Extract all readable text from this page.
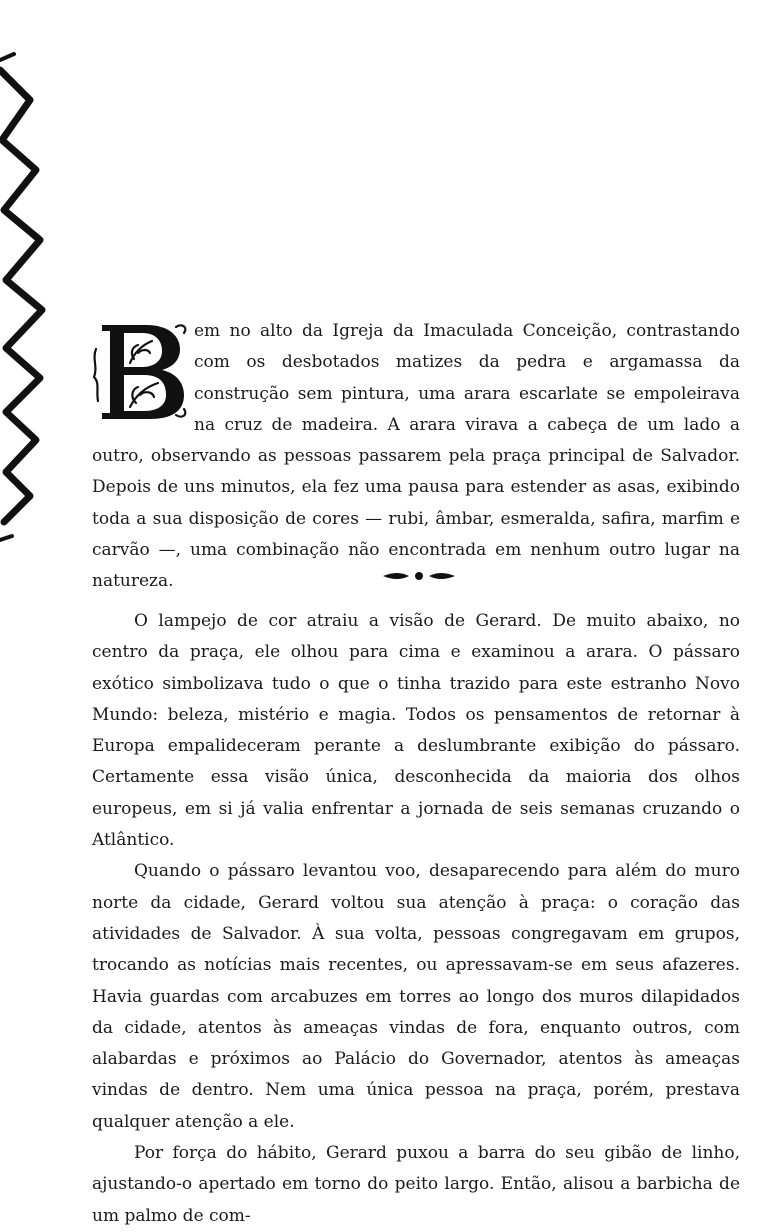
em no alto da Igreja da Imaculada Conceição, contrastando com os desbotados matizes da pedra e argamassa da construção sem pintura, uma arara escarlate se empoleirava na cruz de madeira. A arara virava a cabeça de um lado a outro, observando as pessoas passarem pela praça principal de Salvador. Depois de uns minutos, ela fez uma pausa para estender as asas, exibindo toda a sua disposição de cores — rubi, âmbar, esmeralda, safira, marfim e carvão —, uma combinação não encontrada em nenhum outro lugar na natureza.

O lampejo de cor atraiu a visão de Gerard. De muito abaixo, no centro da praça, ele olhou para cima e examinou a arara. O pássaro exótico simbolizava tudo o que o tinha trazido para este estranho Novo Mundo: beleza, mistério e magia. Todos os pensamentos de retornar à Europa empalideceram perante a deslumbrante exibição do pássaro. Certamente essa visão única, desconhecida da maioria dos olhos europeus, em si já valia enfrentar a jornada de seis semanas cruzando o Atlântico.

Quando o pássaro levantou voo, desaparecendo para além do muro norte da cidade, Gerard voltou sua atenção à praça: o coração das atividades de Salvador. À sua volta, pessoas congregavam em grupos, trocando as notícias mais recentes, ou apressavam-se em seus afazeres. Havia guardas com arcabuzes em torres ao longo dos muros dilapidados da cidade, atentos às ameaças vindas de fora, enquanto outros, com alabardas e próximos ao Palácio do Governador, atentos às ameaças vindas de dentro. Nem uma única pessoa na praça, porém, prestava qualquer atenção a ele.

Por força do hábito, Gerard puxou a barra do seu gibão de linho, ajustando-o apertado em torno do peito largo. Então, alisou a barbicha de um palmo de com-
